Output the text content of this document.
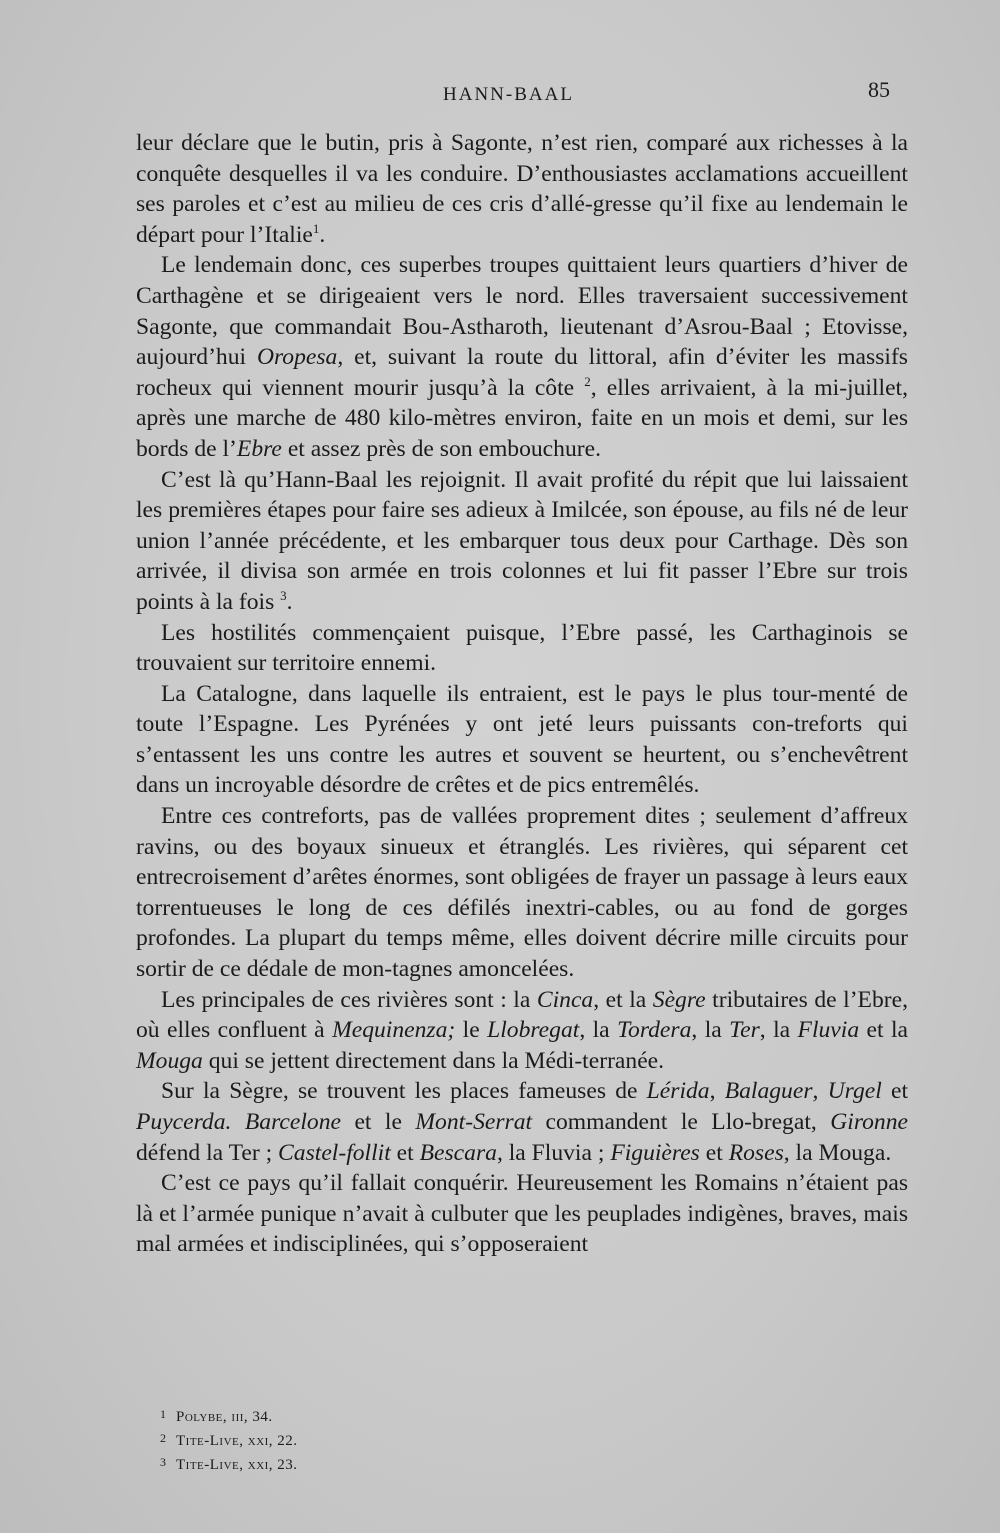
HANN-BAAL	85

leur déclare que le butin, pris à Sagonte, n’est rien, comparé aux richesses à la conquête desquelles il va les conduire. D’enthousiastes acclamations accueillent ses paroles et c’est au milieu de ces cris d’allé-gresse qu’il fixe au lendemain le départ pour l’Italie$^1$.

Le lendemain donc, ces superbes troupes quittaient leurs quartiers d’hiver de Carthagène et se dirigeaient vers le nord. Elles traversaient successivement Sagonte, que commandait Bou-Astharoth, lieutenant d’Asrou-Baal ; Etovisse, aujourd’hui Oropesa, et, suivant la route du littoral, afin d’éviter les massifs rocheux qui viennent mourir jusqu’à la côte $^2$, elles arrivaient, à la mi-juillet, après une marche de 480 kilo-mètres environ, faite en un mois et demi, sur les bords de l’Ebre et assez près de son embouchure.

C’est là qu’Hann-Baal les rejoignit. Il avait profité du répit que lui laissaient les premières étapes pour faire ses adieux à Imilcée, son épouse, au fils né de leur union l’année précédente, et les embarquer tous deux pour Carthage. Dès son arrivée, il divisa son armée en trois colonnes et lui fit passer l’Ebre sur trois points à la fois $^3$.

Les hostilités commençaient puisque, l’Ebre passé, les Carthaginois se trouvaient sur territoire ennemi.

La Catalogne, dans laquelle ils entraient, est le pays le plus tour-menté de toute l’Espagne. Les Pyrénées y ont jeté leurs puissants con-treforts qui s’entassent les uns contre les autres et souvent se heurtent, ou s’enchevêtrent dans un incroyable désordre de crêtes et de pics entremêlés.

Entre ces contreforts, pas de vallées proprement dites ; seulement d’affreux ravins, ou des boyaux sinueux et étranglés. Les rivières, qui séparent cet entrecroisement d’arêtes énormes, sont obligées de frayer un passage à leurs eaux torrentueuses le long de ces défilés inextri-cables, ou au fond de gorges profondes. La plupart du temps même, elles doivent décrire mille circuits pour sortir de ce dédale de mon-tagnes amoncelées.

Les principales de ces rivières sont : la Cinca, et la Sègre tributaires de l’Ebre, où elles confluent à Mequinenza; le Llobregat, la Tordera, la Ter, la Fluvia et la Mouga qui se jettent directement dans la Médi-terranée.

Sur la Sègre, se trouvent les places fameuses de Lérida, Balaguer, Urgel et Puycerda. Barcelone et le Mont-Serrat commandent le Llo-bregat, Gironne défend la Ter ; Castel-follit et Bescara, la Fluvia ; Figuières et Roses, la Mouga.

C’est ce pays qu’il fallait conquérir. Heureusement les Romains n’étaient pas là et l’armée punique n’avait à culbuter que les peuplades indigènes, braves, mais mal armées et indisciplinées, qui s’opposeraient

1 Polybe, iii, 34.
2 Tite-Live, xxi, 22.
3 Tite-Live, xxi, 23.
